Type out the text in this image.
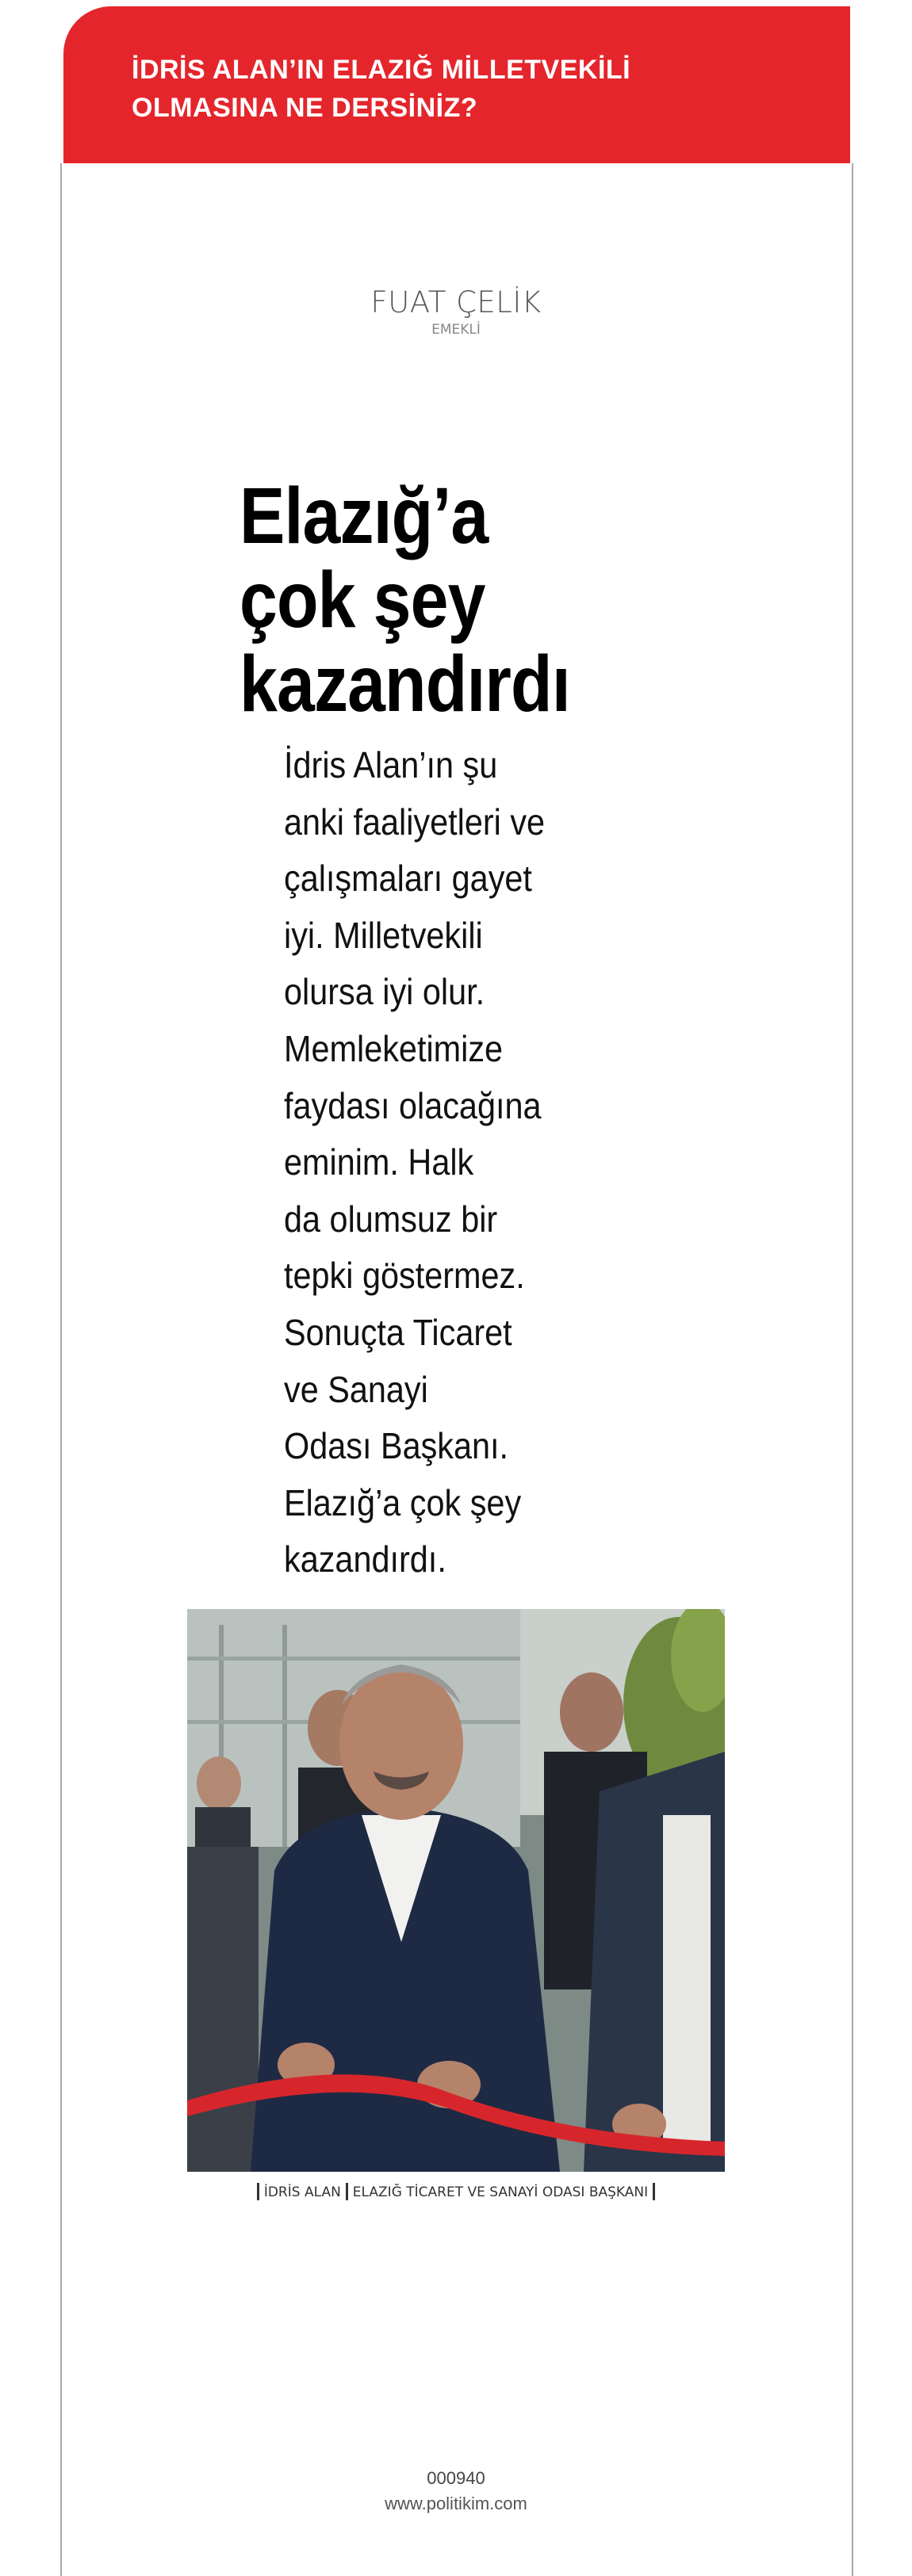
İDRİS ALAN’IN ELAZIĞ MİLLETVEKİLİ
OLMASINA NE DERSİNİZ?

FUAT ÇELİK

EMEKLİ

Elazığ’a
çok şey
kazandırdı

İdris Alan’ın şu
anki faaliyetleri ve
çalışmaları gayet
iyi. Milletvekili
olursa iyi olur.
Memleketimize
faydası olacağına
eminim. Halk
da olumsuz bir
tepki göstermez.
Sonuçta Ticaret
ve Sanayi
Odası Başkanı.
Elazığ’a çok şey
kazandırdı.

İDRİS ALAN ELAZIĞ TİCARET VE SANAYİ ODASI BAŞKANI

000940

www.politikim.com
